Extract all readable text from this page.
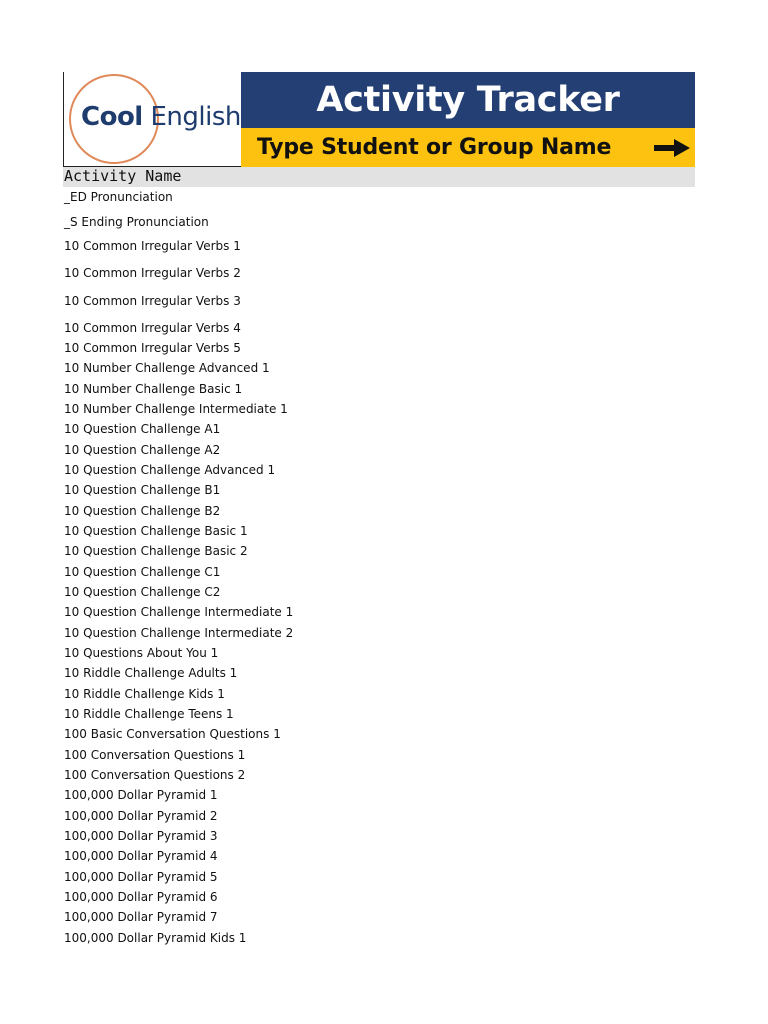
Cool English	Activity Tracker
Type Student or Group Name
Activity Name
_ED Pronunciation
_S Ending Pronunciation
10 Common Irregular Verbs 1
10 Common Irregular Verbs 2
10 Common Irregular Verbs 3
10 Common Irregular Verbs 4
10 Common Irregular Verbs 5
10 Number Challenge Advanced 1
10 Number Challenge Basic 1
10 Number Challenge Intermediate 1
10 Question Challenge A1
10 Question Challenge A2
10 Question Challenge Advanced 1
10 Question Challenge B1
10 Question Challenge B2
10 Question Challenge Basic 1
10 Question Challenge Basic 2
10 Question Challenge C1
10 Question Challenge C2
10 Question Challenge Intermediate 1
10 Question Challenge Intermediate 2
10 Questions About You 1
10 Riddle Challenge Adults 1
10 Riddle Challenge Kids 1
10 Riddle Challenge Teens 1
100 Basic Conversation Questions 1
100 Conversation Questions 1
100 Conversation Questions 2
100,000 Dollar Pyramid 1
100,000 Dollar Pyramid 2
100,000 Dollar Pyramid 3
100,000 Dollar Pyramid 4
100,000 Dollar Pyramid 5
100,000 Dollar Pyramid 6
100,000 Dollar Pyramid 7
100,000 Dollar Pyramid Kids 1
